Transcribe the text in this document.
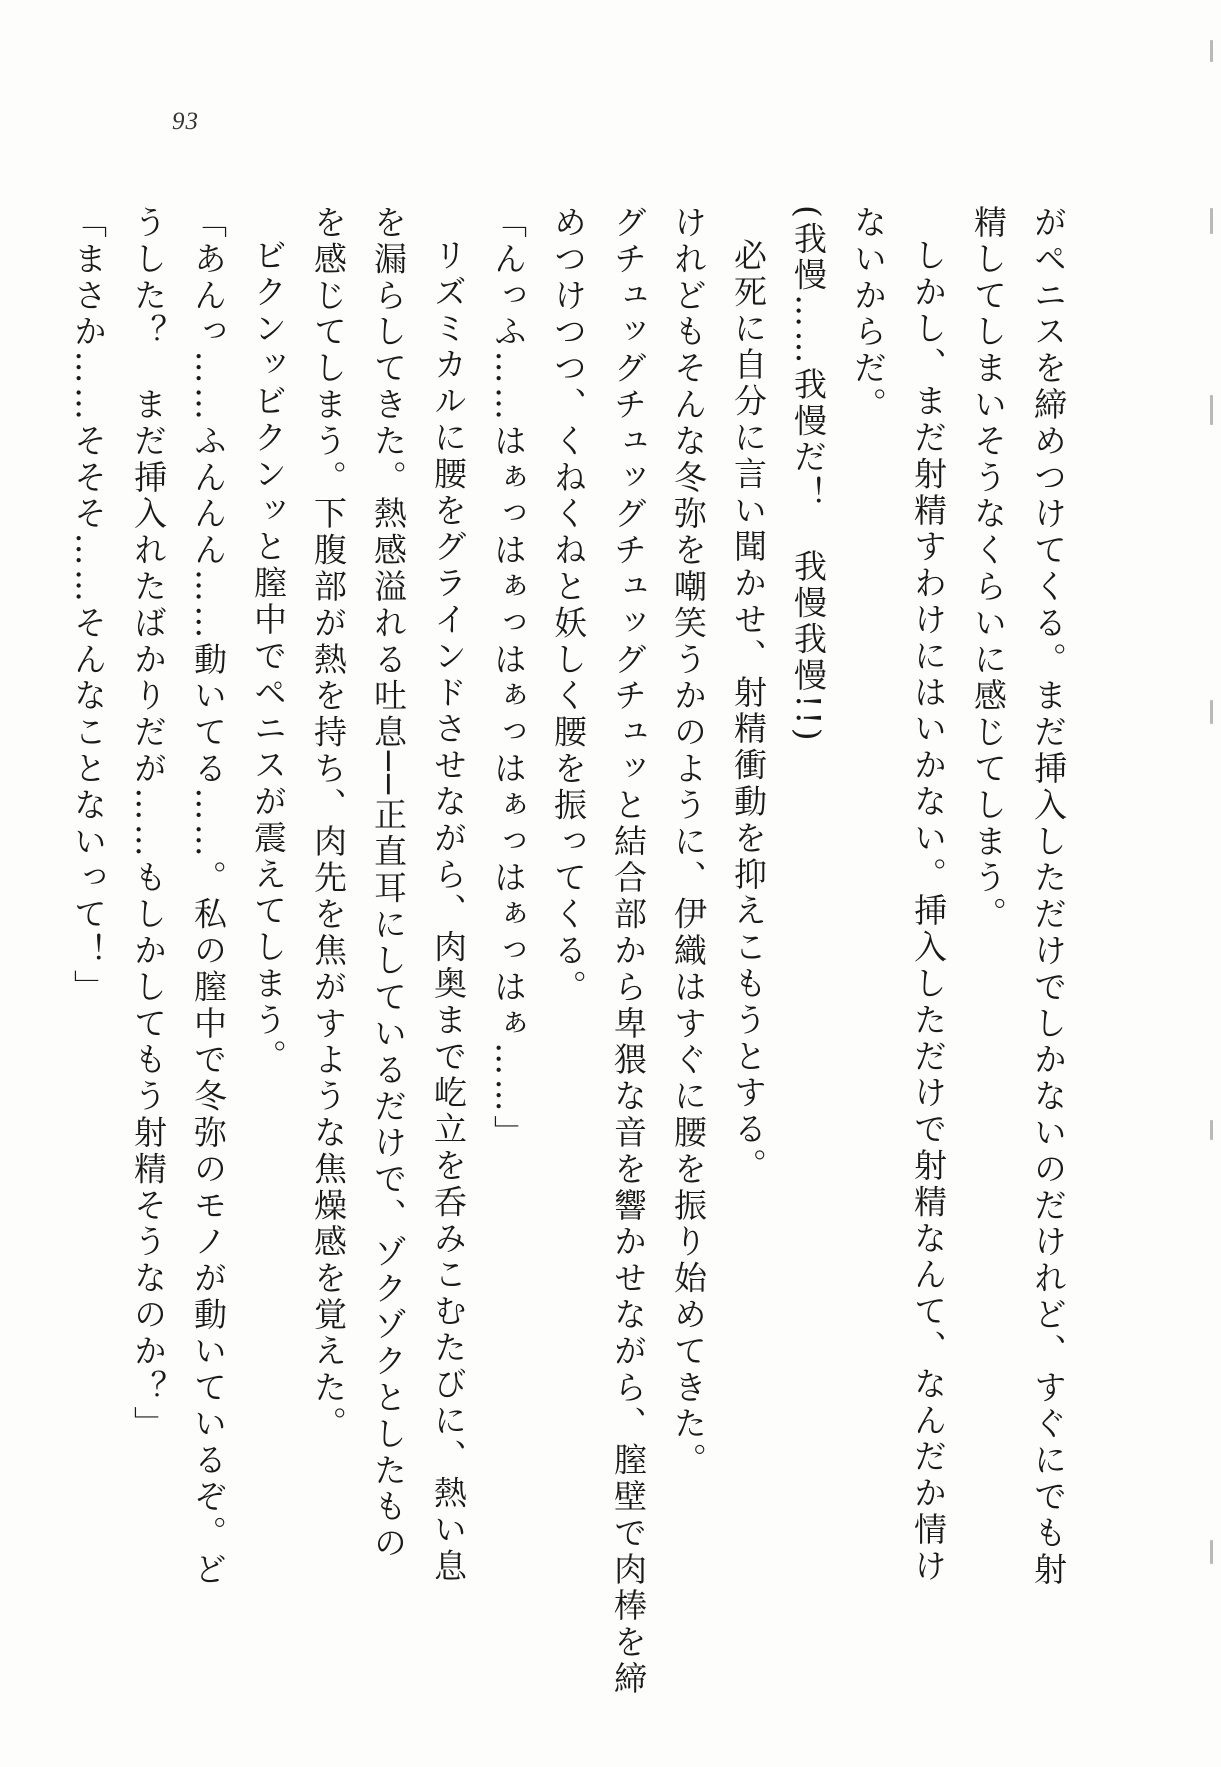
93
がペニスを締めつけてくる。まだ挿入しただけでしかないのだけれど、すぐにでも射
精してしまいそうなくらいに感じてしまう。
しかし、まだ射精すわけにはいかない。挿入しただけで射精なんて、なんだか情け
ないからだ。
(我慢……我慢だ！　我慢我慢!!)
必死に自分に言い聞かせ、射精衝動を抑えこもうとする。
けれどもそんな冬弥を嘲笑うかのように、伊織はすぐに腰を振り始めてきた。
グチュッグチュッグチュッグチュッと結合部から卑猥な音を響かせながら、膣壁で肉棒を締
めつけつつ、くねくねと妖しく腰を振ってくる。
「んっふ……はぁっはぁっはぁっはぁっはぁっはぁ……」
リズミカルに腰をグラインドさせながら、肉奥まで屹立を呑みこむたびに、熱い息
を漏らしてきた。熱感溢れる吐息──正直耳にしているだけで、ゾクゾクとしたもの
を感じてしまう。下腹部が熱を持ち、肉先を焦がすような焦燥感を覚えた。
ビクンッビクンッと膣中でペニスが震えてしまう。
「あんっ……ふんんん……動いてる……。私の膣中で冬弥のモノが動いているぞ。ど
うした？　まだ挿入れたばかりだが……もしかしてもう射精そうなのか？」
「まさか……そそそ……そんなことないって！」
